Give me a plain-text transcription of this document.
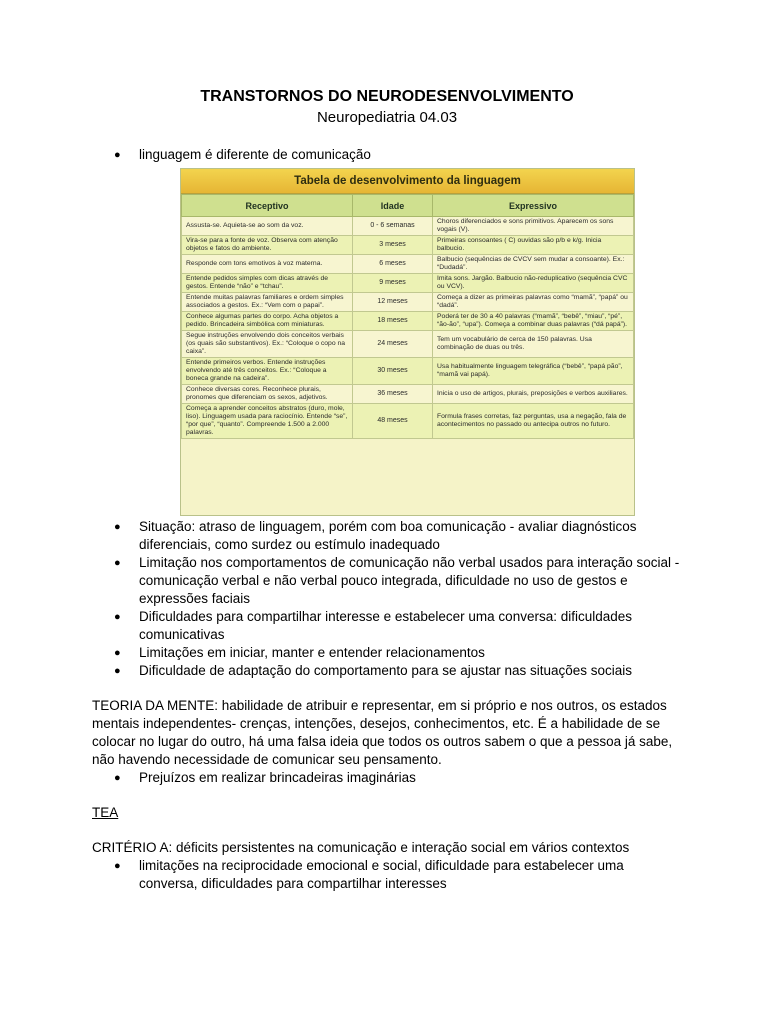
TRANSTORNOS DO NEURODESENVOLVIMENTO
Neuropediatria 04.03
● linguagem é diferente de comunicação
Tabela de desenvolvimento da linguagem
Receptivo	Idade	Expressivo
Assusta-se. Aquieta-se ao som da voz.	0 - 6 semanas	Choros diferenciados e sons primitivos. Aparecem os sons vogais (V).
Vira-se para a fonte de voz. Observa com atenção objetos e fatos do ambiente.	3 meses	Primeiras consoantes ( C) ouvidas são p/b e k/g. Inicia balbucio.
Responde com tons emotivos à voz materna.	6 meses	Balbucio (sequências de CVCV sem mudar a consoante). Ex.: “Dudadá”.
Entende pedidos simples com dicas através de gestos. Entende “não” e “tchau”.	9 meses	Imita sons. Jargão. Balbucio não-reduplicativo (sequência CVC ou VCV).
Entende muitas palavras familiares e ordem simples associados a gestos. Ex.: “Vem com o papai”.	12 meses	Começa a dizer as primeiras palavras como “mamã”, “papá” ou “dadá”.
Conhece algumas partes do corpo. Acha objetos a pedido. Brincadeira simbólica com miniaturas.	18 meses	Poderá ter de 30 a 40 palavras (“mamã”, “bebê”, “miau”, “pé”, “ão-ão”, “upa”). Começa a combinar duas palavras (“dá papá”).
Segue instruções envolvendo dois conceitos verbais (os quais são substantivos). Ex.: “Coloque o copo na caixa”.	24 meses	Tem um vocabulário de cerca de 150 palavras. Usa combinação de duas ou três.
Entende primeiros verbos. Entende instruções envolvendo até três conceitos. Ex.: “Coloque a boneca grande na cadeira”.	30 meses	Usa habitualmente linguagem telegráfica (“bebê”, “papá pão”, “mamã vai papá).
Conhece diversas cores. Reconhece plurais, pronomes que diferenciam os sexos, adjetivos.	36 meses	Inicia o uso de artigos, plurais, preposições e verbos auxiliares.
Começa a aprender conceitos abstratos (duro, mole, liso). Linguagem usada para raciocínio. Entende “se”, “por que”, “quanto”. Compreende 1.500 a 2.000 palavras.	48 meses	Formula frases corretas, faz perguntas, usa a negação, fala de acontecimentos no passado ou antecipa outros no futuro.
● Situação: atraso de linguagem, porém com boa comunicação - avaliar diagnósticos diferenciais, como surdez ou estímulo inadequado
● Limitação nos comportamentos de comunicação não verbal usados para interação social - comunicação verbal e não verbal pouco integrada, dificuldade no uso de gestos e expressões faciais
● Dificuldades para compartilhar interesse e estabelecer uma conversa: dificuldades comunicativas
● Limitações em iniciar, manter e entender relacionamentos
● Dificuldade de adaptação do comportamento para se ajustar nas situações sociais

TEORIA DA MENTE: habilidade de atribuir e representar, em si próprio e nos outros, os estados mentais independentes- crenças, intenções, desejos, conhecimentos, etc. É a habilidade de se colocar no lugar do outro, há uma falsa ideia que todos os outros sabem o que a pessoa já sabe, não havendo necessidade de comunicar seu pensamento.

● Prejuízos em realizar brincadeiras imaginárias

TEA

CRITÉRIO A: déficits persistentes na comunicação e interação social em vários contextos

● limitações na reciprocidade emocional e social, dificuldade para estabelecer uma conversa, dificuldades para compartilhar interesses
